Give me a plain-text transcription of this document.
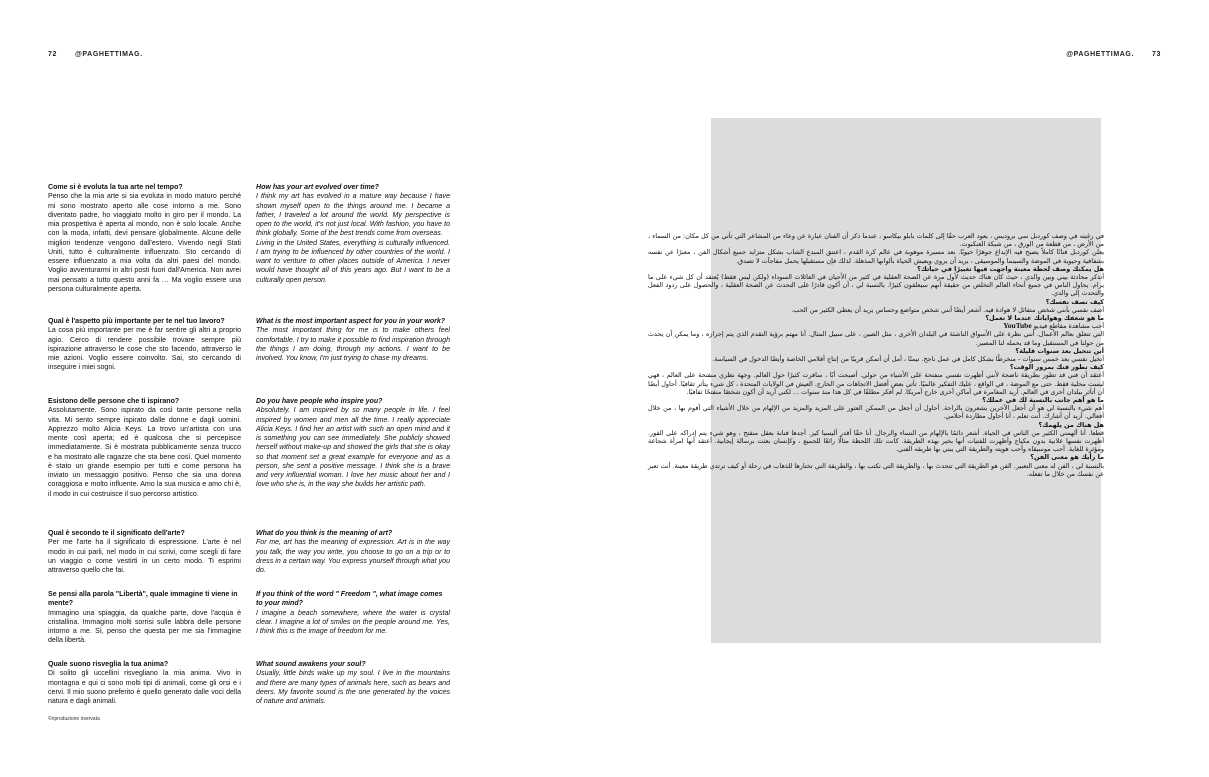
72	@PAGHETTIMAG.	@PAGHETTIMAG.	73
Come si è evoluta la tua arte nel tempo?
Penso che la mia arte si sia evoluta in modo maturo perché mi sono mostrato aperto alle cose intorno a me. Sono diventato padre, ho viaggiato molto in giro per il mondo. La mia prospettiva è aperta al mondo, non è solo locale. Anche con la moda, infatti, devi pensare globalmente. Alcune delle migliori tendenze vengono dall'estero. Vivendo negli Stati Uniti, tutto è culturalmente influenzato. Sto cercando di essere influenzato a mia volta da altri paesi del mondo. Voglio avventurarmi in altri posti fuori dall'America. Non avrei mai pensato a tutto questo anni fa … Ma voglio essere una persona culturalmente aperta.
Qual è l'aspetto più importante per te nel tuo lavoro?
La cosa più importante per me è far sentire gli altri a proprio agio. Cerco di rendere possibile trovare sempre più ispirazione attraverso le cose che sto facendo, attraverso le mie azioni. Voglio essere coinvolto. Sai, sto cercando di inseguire i miei sogni.
Esistono delle persone che ti ispirano?
Assolutamente. Sono ispirato da così tante persone nella vita. Mi sento sempre ispirato dalle donne e dagli uomini. Apprezzo molto Alicia Keys. La trovo un'artista con una mente così aperta; ed è qualcosa che si percepisce immediatamente. Si è mostrata pubblicamente senza trucco e ha mostrato alle ragazze che sta bene così. Quel momento è stato un grande esempio per tutti e come persona ha inviato un messaggio positivo. Penso che sia una donna coraggiosa e molto influente. Amo la sua musica e amo chi è, il modo in cui costruisce il suo percorso artistico.
Qual è secondo te il significato dell'arte?
Per me l'arte ha il significato di espressione. L'arte è nel modo in cui parli, nel modo in cui scrivi, come scegli di fare un viaggio o come vestirti in un certo modo. Ti esprimi attraverso quello che fai.
Se pensi alla parola "Libertà", quale immagine ti viene in mente?
Immagino una spiaggia, da qualche parte, dove l'acqua è cristallina. Immagino molti sorrisi sulle labbra delle persone intorno a me. Sì, penso che questa per me sia l'immagine della libertà.
Quale suono risveglia la tua anima?
Di solito gli uccellini risvegliano la mia anima. Vivo in montagna e qui ci sono molti tipi di animali, come gli orsi e i cervi. Il mio suono preferito è quello generato dalle voci della natura e dagli animali.
How has your art evolved over time?
I think my art has evolved in a mature way because I have shown myself open to the things around me. I became a father, I traveled a lot around the world. My perspective is open to the world, it's not just local. With fashion, you have to think globally. Some of the best trends come from overseas.
Living in the United States, everything is culturally influenced. I am trying to be influenced by other countries of the world. I want to venture to other places outside of America. I never would have thought all of this years ago. But I want to be a culturally open person.
What is the most important aspect for you in your work?
The most important thing for me is to make others feel comfortable. I try to make it possible to find inspiration through the things I am doing, through my actions. I want to be involved. You know, I'm just trying to chase my dreams.
Do you have people who inspire you?
Absolutely. I am inspired by so many people in life. I feel inspired by women and men all the time. I really appreciate Alicia Keys. I find her an artist with such an open mind and it is something you can see immediately. She publicly showed herself without make-up and showed the girls that she is okay so that moment set a great example for everyone and as a person, she sent a positive message. I think she is a brave and very influential woman. I love her music about her and I love who she is, in the way she builds her artistic path.
What do you think is the meaning of art?
For me, art has the meaning of expression. Art is in the way you talk, the way you write, you choose to go on a trip or to dress in a certain way. You express yourself through what you do.
If you think of the word " Freedom ", what image comes to your mind?
I imagine a beach somewhere, where the water is crystal clear. I imagine a lot of smiles on the people around me. Yes, I think this is the image of freedom for me.
What sound awakens your soul?
Usually, little birds wake up my soul. I live in the mountains and there are many types of animals here, such as bears and deers. My favorite sound is the one generated by the voices of nature and animals.
©riproduzione riservata
في رغبته في وصف كوردبل سي بروديس ، يعود العرب حقًا إلى كلمات بابلو بيكاسو ، عندما ذكر أن الفنان عبارة عن وعاء من المشاعر التي تأتي من كل مكان: من السماء ، من الأرض ، من قطعة من الورق ، من شبكة العنكبوت.
يعلن كوردبل فنانًا كاملاً يصبح فيه الإبداع جوهرًا حيويًا. بعد مسيرة موهوبة في عالم كرة القدم ، اعتنق المبدع الشاب بشكل متزايد جميع أشكال الفن ، معبرًا عن نفسه بشفافية وحيوية في الموضة والسينما والموسيقى ، يريد أن يروي ويعيش الحياة بألوانها المذهلة. لذلك فإن مستقبلها يحمل مفاجآت لا تصدق.
هل يمكنك وصف لحظة معينة واجهت فيها تغييرًا في حياتك؟
أتذكر محادثة بيني وبين والدي ، حيث كان هناك حديث لأول مرة عن الصحة العقلية في كثير من الأحيان في العائلات السوداء (ولكن ليس فقط) يُعتقد أن كل شيء على ما يرام. يحاول الناس في جميع أنحاء العالم التخلص من حقيقة أنهم سيعلقون كثيرًا. بالنسبة لي ، أن أكون قادرًا على التحدث عن الصحة العقلية ، والحصول على ردود الفعل والتحدث إلى والدي.
كيف تصف نفسك؟
أصف نفسي بأنني شخص متفائل لا هوادة فيه. أشعر أيضًا أنني شخص متواضع وحساس يريد أن يعطي الكثير من الحب.
ما هو شغفك وهواياتك عندما لا تعمل؟
أحب مشاهدة مقاطع فيديو YouTube
التي تتعلق بعالم الأعمال. أنني نظرة على الأسواق الناشئة في البلدان الأخرى ، مثل الصين ، على سبيل المثال. أنا مهتم برؤية التقدم الذي يتم إحرازه ، وما يمكن أن يحدث من حولنا في المستقبل وما قد يحمله لنا المصير.
أين تتخيل بعد سنوات قليلة؟
أتخيل نفسي بعد خمس سنوات - منخرطًا بشكل كامل في عمل ناجح. تيمنًا ، أمل أن أتمكن قريبًا من إنتاج أفلامي الخاصة وأيضًا الدخول في السياسة.
كيف تطور فنك بمرور الوقت؟
أعتقد أن فني قد تطور بطريقة ناضجة لأنني أظهرت نفسي منفتحة على الأشياء من حولي. أصبحت أبًا ، سافرت كثيرًا حول العالم. وجهة نظري منفتحة على العالم ، فهي ليست محلية فقط. حتى مع الموضة ، في الواقع ، عليك التفكير عالميًا. تأتي بعض أفضل الاتجاهات من الخارج. العيش في الولايات المتحدة ، كل شيء يتأثر ثقافيًا. أحاول أيضًا أن أتأثر ببلدان أخرى في العالم. أريد المغامرة في أماكن أخرى خارج أمريكا. لم أفكر مطلقًا في كل هذا منذ سنوات ... لكني أريد أن أكون شخصًا منفتحًا ثقافيًا.
ما هو أهم جانب بالنسبة لك في عملك؟
أهم شيء بالنسبة لي هو أن أجعل الآخرين يشعرون بالراحة. أحاول أن أجعل من الممكن العثور على المزيد والمزيد من الإلهام من خلال الأشياء التي أقوم بها ، من خلال أفعالي. أريد أن أشارك. أنت تعلم ، أنا أحاول مطاردة أحلامي.
هل هناك من يلهمك؟
قطعا. أنا ألهمني الكثير من الناس في الحياة. أشعر دائمًا بالإلهام من النساء والرجال. أنا حقًا أقدر أليسيا كيز. أجدها فنانة بعقل منفتح ، وهو شيء يتم إدراكه على الفور. أظهرت نفسها علانية بدون مكياج وأظهرت للفتيات أنها بخير بهذه الطريقة. كانت تلك اللحظة مثالًا رائعًا للجميع ، وكإنسان بعثت برسالة إيجابية. أعتقد أنها امرأة شجاعة ومؤثرة للغاية. أحب موسيقاه وأحب هويته والطريقة التي يبني بها طريقه الفني.
ما رأيك هو معنى الفن؟
بالنسبة لي ، الفن له معنى التعبير. الفن هو الطريقة التي تتحدث بها ، والطريقة التي تكتب بها ، والطريقة التي تختارها للذهاب في رحلة أو كيف ترتدي طريقة معينة. أنت تعبر عن نفسك من خلال ما تفعله.
